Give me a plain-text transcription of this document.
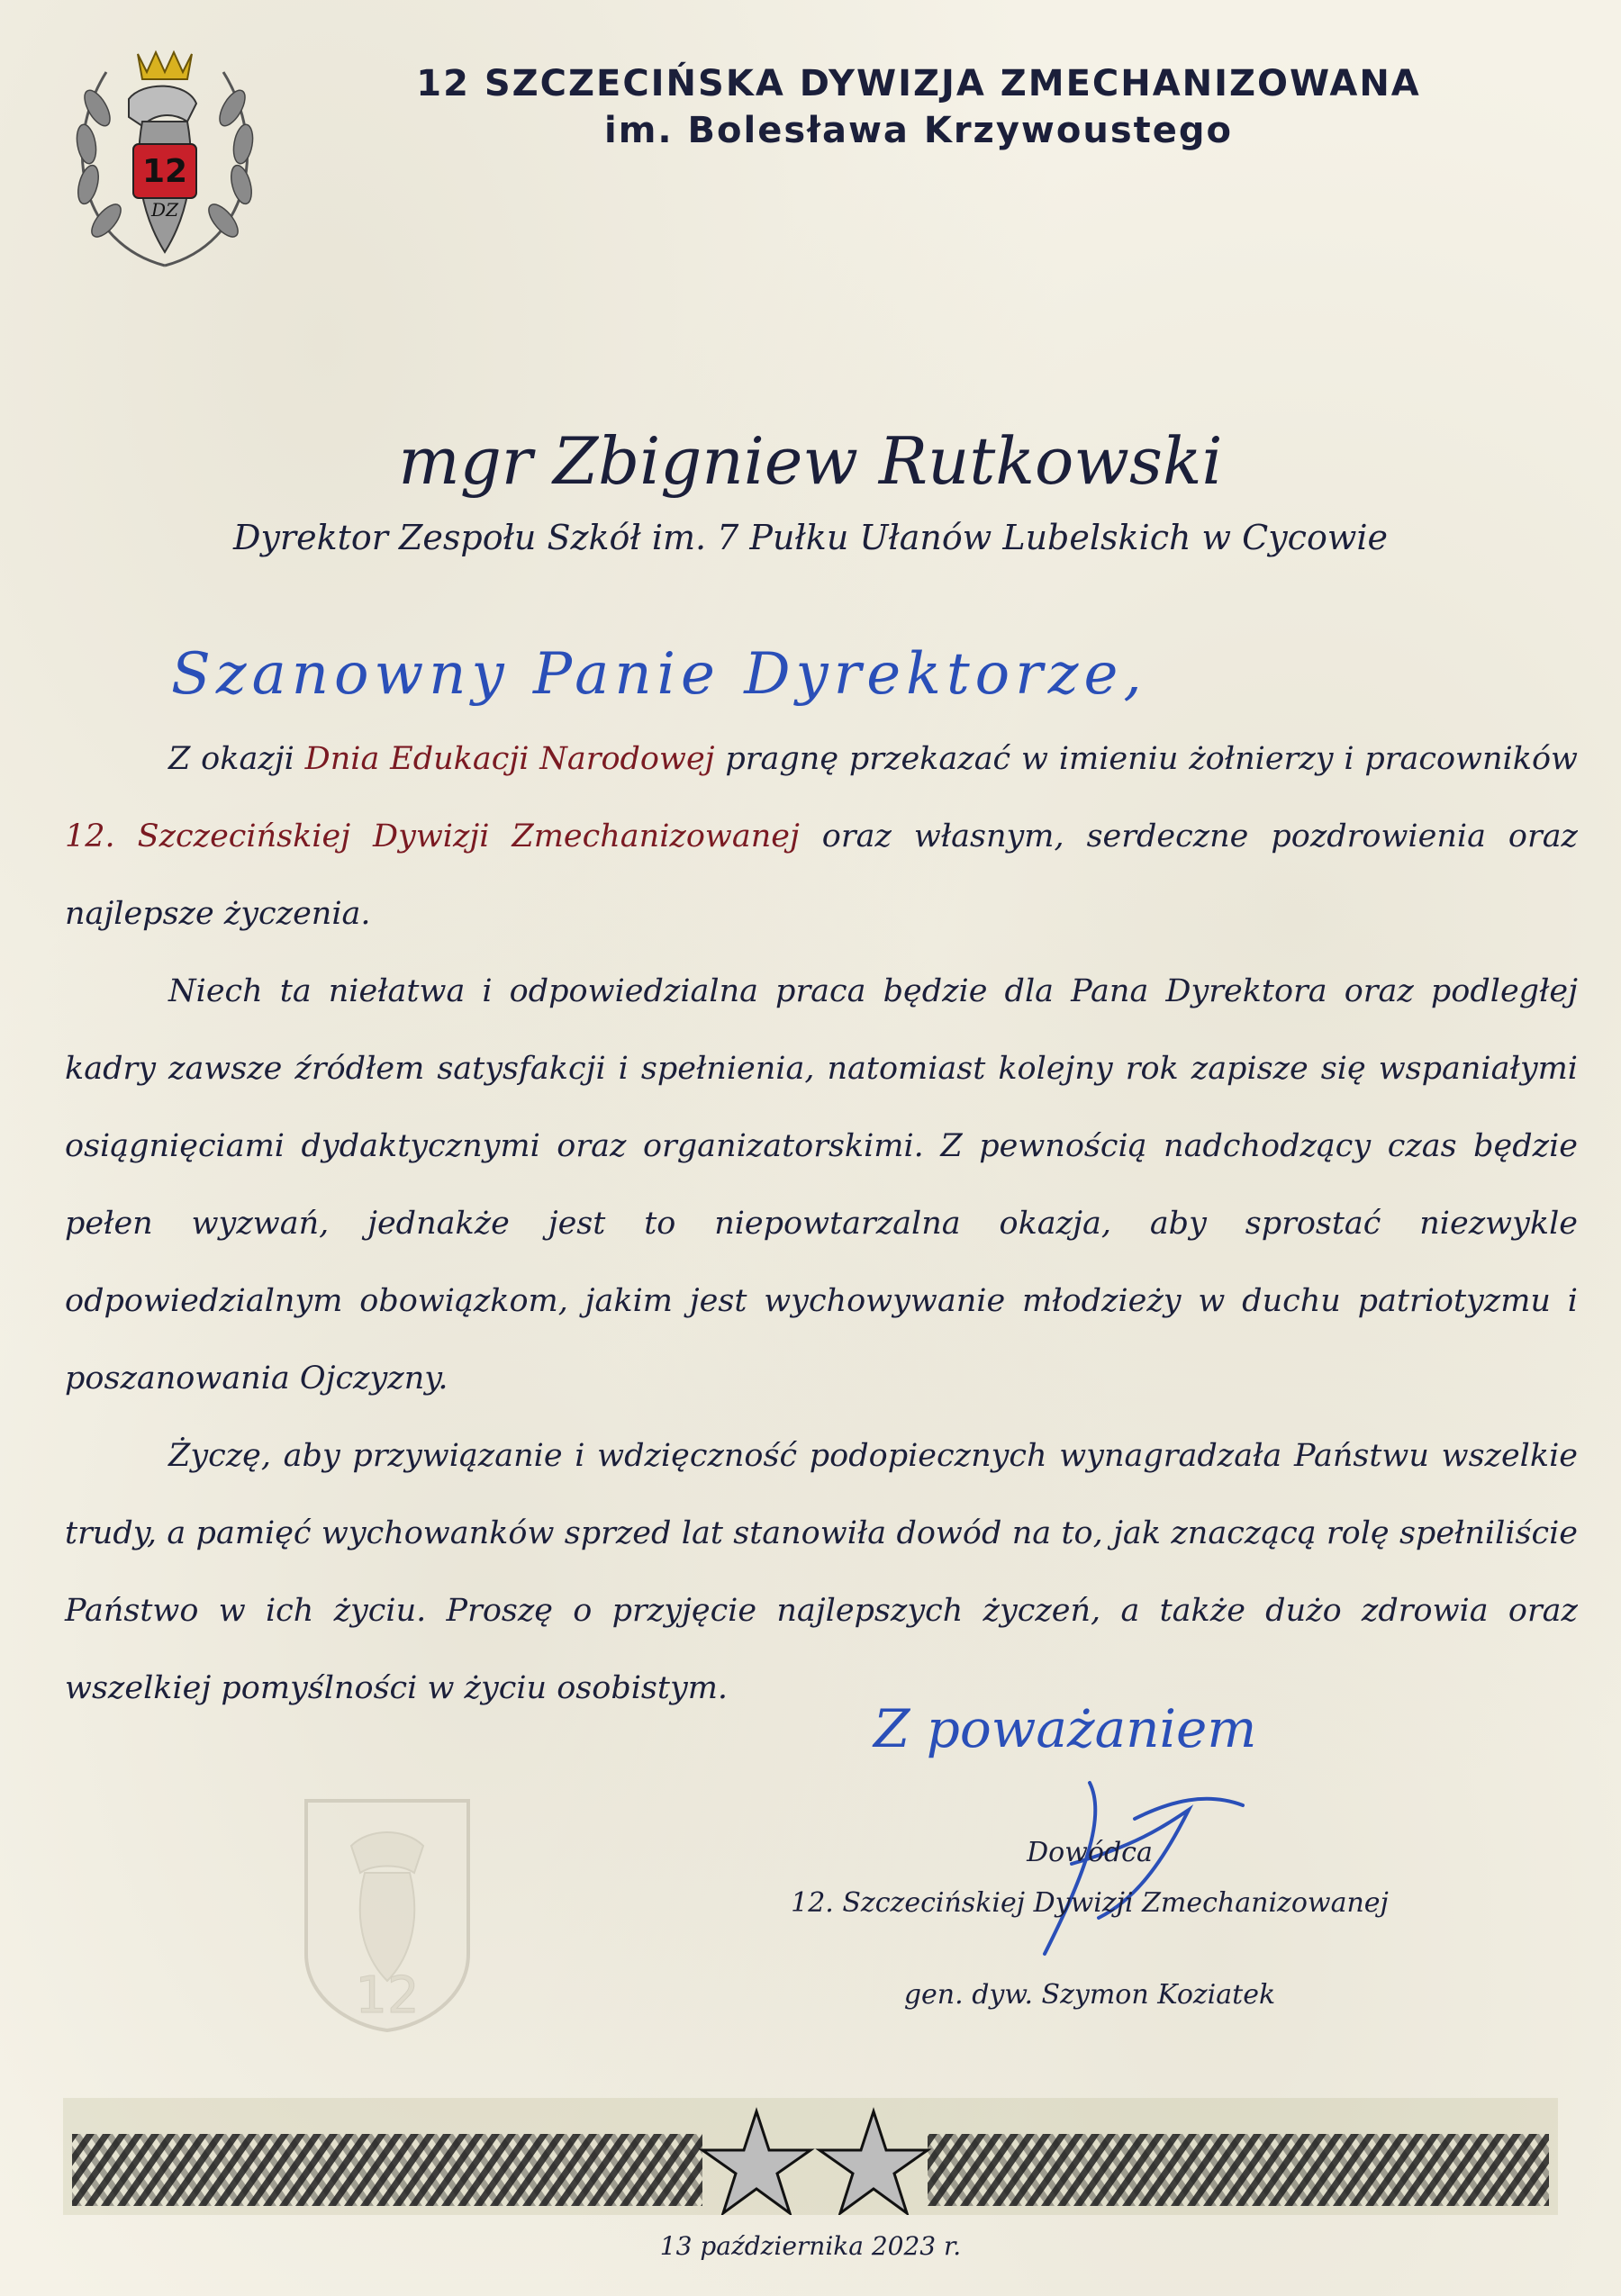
12
DZ
12 SZCZECIŃSKA DYWIZJA ZMECHANIZOWANA
im. Bolesława Krzywoustego
mgr Zbigniew Rutkowski
Dyrektor Zespołu Szkół im. 7 Pułku Ułanów Lubelskich w Cycowie
Szanowny Panie Dyrektorze,

Z okazji Dnia Edukacji Narodowej pragnę przekazać w imieniu żołnierzy i pracowników 12. Szczecińskiej Dywizji Zmechanizowanej oraz własnym, serdeczne pozdrowienia oraz najlepsze życzenia.

Niech ta niełatwa i odpowiedzialna praca będzie dla Pana Dyrektora oraz podległej kadry zawsze źródłem satysfakcji i spełnienia, natomiast kolejny rok zapisze się wspaniałymi osiągnięciami dydaktycznymi oraz organizatorskimi. Z pewnością nadchodzący czas będzie pełen wyzwań, jednakże jest to niepowtarzalna okazja, aby sprostać niezwykle odpowiedzialnym obowiązkom, jakim jest wychowywanie młodzieży w duchu patriotyzmu i poszanowania Ojczyzny.

Życzę, aby przywiązanie i wdzięczność podopiecznych wynagradzała Państwu wszelkie trudy, a pamięć wychowanków sprzed lat stanowiła dowód na to, jak znaczącą rolę spełniliście Państwo w ich życiu. Proszę o przyjęcie najlepszych życzeń, a także dużo zdrowia oraz wszelkiej pomyślności w życiu osobistym.

Z poważaniem
Dowódca
12. Szczecińskiej Dywizji Zmechanizowanej
gen. dyw. Szymon Koziatek
12
13 października 2023 r.
